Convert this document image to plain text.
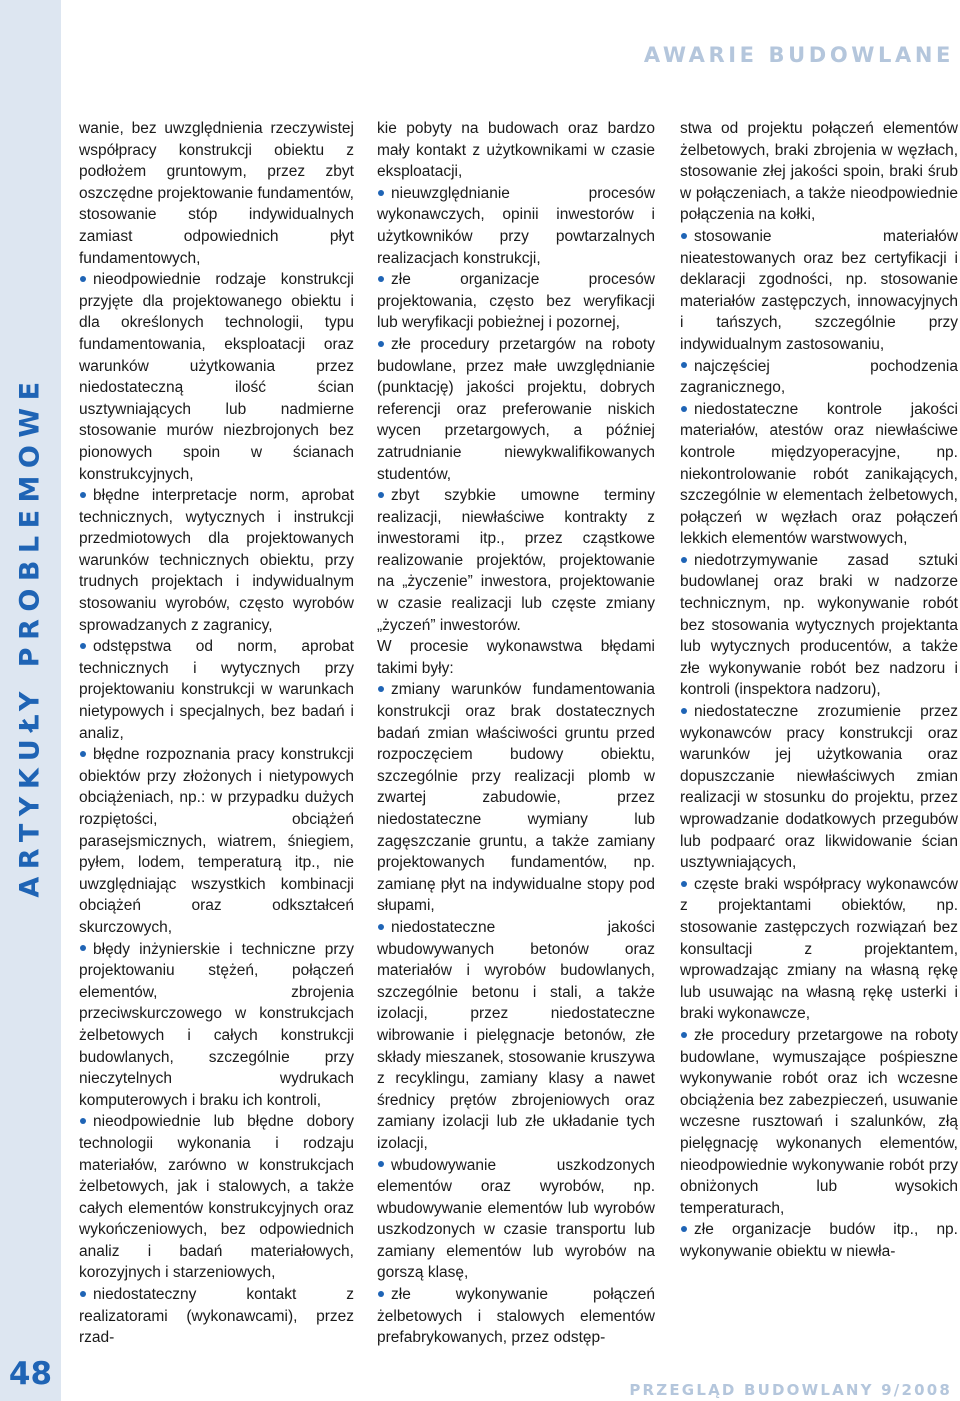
ARTYKUŁY PROBLEMOWE
48
AWARIE BUDOWLANE

wanie, bez uwzględnienia rzeczywistej współpracy konstrukcji obiektu z podłożem gruntowym, przez zbyt oszczędne projektowanie fundamentów, stosowanie stóp indywidualnych zamiast odpowiednich płyt fundamentowych,

nieodpowiednie rodzaje konstrukcji przyjęte dla projektowanego obiektu i dla określonych technologii, typu fundamentowania, eksploatacji oraz warunków użytkowania przez niedostateczną ilość ścian usztywniających lub nadmierne stosowanie murów niezbrojonych bez pionowych spoin w ścianach konstrukcyjnych,

błędne interpretacje norm, aprobat technicznych, wytycznych i instrukcji przedmiotowych dla projektowanych warunków technicznych obiektu, przy trudnych projektach i indywidualnym stosowaniu wyrobów, często wyrobów sprowadzanych z zagranicy,

odstępstwa od norm, aprobat technicznych i wytycznych przy projektowaniu konstrukcji w warunkach nietypowych i specjalnych, bez badań i analiz,

błędne rozpoznania pracy konstrukcji obiektów przy złożonych i nietypowych obciążeniach, np.: w przypadku dużych rozpiętości, obciążeń parasejsmicznych, wiatrem, śniegiem, pyłem, lodem, temperaturą itp., nie uwzględniając wszystkich kombinacji obciążeń oraz odkształceń skurczowych,

błędy inżynierskie i techniczne przy projektowaniu stężeń, połączeń elementów, zbrojenia przeciwskurczowego w konstrukcjach żelbetowych i całych konstrukcji budowlanych, szczególnie przy nieczytelnych wydrukach komputerowych i braku ich kontroli,

nieodpowiednie lub błędne dobory technologii wykonania i rodzaju materiałów, zarówno w konstrukcjach żelbetowych, jak i stalowych, a także całych elementów konstrukcyjnych oraz wykończeniowych, bez odpowiednich analiz i badań materiałowych, korozyjnych i starzeniowych,

niedostateczny kontakt z realizatorami (wykonawcami), przez rzad-

kie pobyty na budowach oraz bardzo mały kontakt z użytkownikami w czasie eksploatacji,

nieuwzględnianie procesów wykonawczych, opinii inwestorów i użytkowników przy powtarzalnych realizacjach konstrukcji,

złe organizacje procesów projektowania, często bez weryfikacji lub weryfikacji pobieżnej i pozornej,

złe procedury przetargów na roboty budowlane, przez małe uwzględnianie (punktację) jakości projektu, dobrych referencji oraz preferowanie niskich wycen przetargowych, a później zatrudnianie niewykwalifikowanych studentów,

zbyt szybkie umowne terminy realizacji, niewłaściwe kontrakty z inwestorami itp., przez cząstkowe realizowanie projektów, projektowanie na „życzenie” inwestora, projektowanie w czasie realizacji lub częste zmiany „życzeń” inwestorów.

W procesie wykonawstwa błędami takimi były:

zmiany warunków fundamentowania konstrukcji oraz brak dostatecznych badań zmian właściwości gruntu przed rozpoczęciem budowy obiektu, szczególnie przy realizacji plomb w zwartej zabudowie, przez niedostateczne wymiany lub zagęszczanie gruntu, a także zamiany projektowanych fundamentów, np. zamianę płyt na indywidualne stopy pod słupami,

niedostateczne jakości wbudowywanych betonów oraz materiałów i wyrobów budowlanych, szczególnie betonu i stali, a także izolacji, przez niedostateczne wibrowanie i pielęgnacje betonów, złe składy mieszanek, stosowanie kruszywa z recyklingu, zamiany klasy a nawet średnicy prętów zbrojeniowych oraz zamiany izolacji lub złe układanie tych izolacji,

wbudowywanie uszkodzonych elementów oraz wyrobów, np. wbudowywanie elementów lub wyrobów uszkodzonych w czasie transportu lub zamiany elementów lub wyrobów na gorszą klasę,

złe wykonywanie połączeń żelbetowych i stalowych elementów prefabrykowanych, przez odstęp-

stwa od projektu połączeń elementów żelbetowych, braki zbrojenia w węzłach, stosowanie złej jakości spoin, braki śrub w połączeniach, a także nieodpowiednie połączenia na kołki,

stosowanie materiałów nieatestowanych oraz bez certyfikacji i deklaracji zgodności, np. stosowanie materiałów zastępczych, innowacyjnych i tańszych, szczególnie przy indywidualnym zastosowaniu,

najczęściej pochodzenia zagranicznego,

niedostateczne kontrole jakości materiałów, atestów oraz niewłaściwe kontrole międzyoperacyjne, np. niekontrolowanie robót zanikających, szczególnie w elementach żelbetowych, połączeń w węzłach oraz połączeń lekkich elementów warstwowych,

niedotrzymywanie zasad sztuki budowlanej oraz braki w nadzorze technicznym, np. wykonywanie robót bez stosowania wytycznych projektanta lub wytycznych producentów, a także złe wykonywanie robót bez nadzoru i kontroli (inspektora nadzoru),

niedostateczne zrozumienie przez wykonawców pracy konstrukcji oraz warunków jej użytkowania oraz dopuszczanie niewłaściwych zmian realizacji w stosunku do projektu, przez wprowadzanie dodatkowych przegubów lub podpaarć oraz likwidowanie ścian usztywniających,

częste braki współpracy wykonawców z projektantami obiektów, np. stosowanie zastępczych rozwiązań bez konsultacji z projektantem, wprowadzając zmiany na własną rękę lub usuwając na własną rękę usterki i braki wykonawcze,

złe procedury przetargowe na roboty budowlane, wymuszające pośpieszne wykonywanie robót oraz ich wczesne obciążenia bez zabezpieczeń, usuwanie wczesne rusztowań i szalunków, złą pielęgnację wykonanych elementów, nieodpowiednie wykonywanie robót przy obniżonych lub wysokich temperaturach,

złe organizacje budów itp., np. wykonywanie obiektu w niewła-

PRZEGLĄD BUDOWLANY 9/2008
